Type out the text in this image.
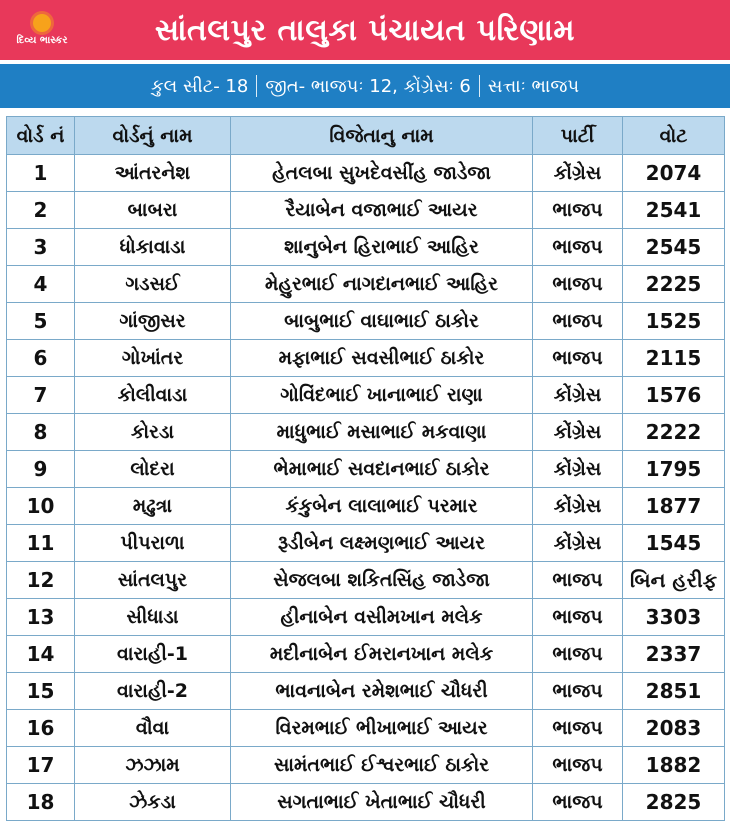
દિવ્ય ભાસ્કર	સાંતલપુર તાલુકા પંચાયત પરિણામ
કુલ સીટ- 18 જીત- ભાજપઃ 12, કોંગ્રેસઃ 6 સત્તાઃ ભાજપ
વોર્ડ નં	વોર્ડનું નામ	વિજેતાનુ નામ	પાર્ટી	વોટ
1	આંતરનેશ	હેતલબા સુખદેવસીંહ જાડેજા	કોંગ્રેસ	2074
2	બાબરા	રૈયાબેન વજાભાઈ આયર	ભાજપ	2541
3	ધોકાવાડા	શાનુબેન હિરાભાઈ આહિર	ભાજપ	2545
4	ગડસઈ	મેહુરભાઈ નાગદાનભાઈ આહિર	ભાજપ	2225
5	ગાંજીસર	બાબુભાઈ વાઘાભાઈ ઠાકોર	ભાજપ	1525
6	ગોખાંતર	મફાભાઈ સવસીભાઈ ઠાકોર	ભાજપ	2115
7	કોલીવાડા	ગોવિંદભાઈ ખાનાભાઈ રાણા	કોંગ્રેસ	1576
8	કોરડા	માધુભાઈ મસાભાઈ મકવાણા	કોંગ્રેસ	2222
9	લોદરા	ભેમાભાઈ સવદાનભાઈ ઠાકોર	કોંગ્રેસ	1795
10	મઢુત્રા	કંકુબેન લાલાભાઈ પરમાર	કોંગ્રેસ	1877
11	પીપરાળા	રૂડીબેન લક્ષ્મણભાઈ આયર	કોંગ્રેસ	1545
12	સાંતલપુર	સેજલબા શકિતસિંહ જાડેજા	ભાજપ	બિન હરીફ
13	સીધાડા	હીનાબેન વસીમખાન મલેક	ભાજપ	3303
14	વારાહી-1	મદીનાબેન ઈમરાનખાન મલેક	ભાજપ	2337
15	વારાહી-2	ભાવનાબેન રમેશભાઈ ચૌધરી	ભાજપ	2851
16	વૌવા	વિરમભાઈ ભીખાભાઈ આયર	ભાજપ	2083
17	ઝઝામ	સામંતભાઈ ઈશ્વરભાઈ ઠાકોર	ભાજપ	1882
18	ઝેકડા	સગતાભાઈ ખેતાભાઈ ચૌધરી	ભાજપ	2825
